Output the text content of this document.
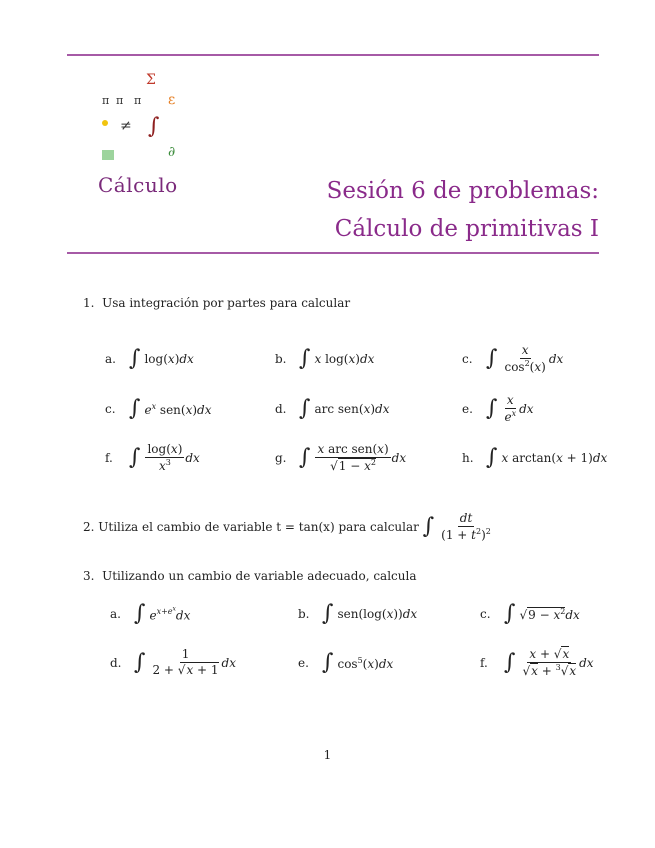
Σ
ε
π π π
≠ ∫
∂
Cálculo	Sesión 6 de problemas:
Cálculo de primitivas I
1. Usa integración por partes para calcular
a. ∫ log(x)dx	b. ∫ x log(x)dx	c. ∫ $\frac{x}{\cos^2(x)}$ dx
c. ∫ $e^x$ sen(x)dx	d. ∫ arc sen(x)dx	e. ∫ $\frac{x}{e^x}$ dx
f. ∫ $\frac{\log(x)}{x^3}$ dx	g. ∫ $\frac{\text{x arc sen(x)}}{√1 - x^2}$ dx	h. ∫ x arctan(x + 1)dx
2.
Utiliza el cambio de variable t = tan(x) para calcular
∫ $\frac{dt}{(1 + t^2)^2}$
3. Utilizando un cambio de variable adecuado, calcula
a. ∫ $e^{x+e^x}dx$	b. ∫ sen(log(x))dx	c. ∫ $√9 - x^2dx$
d. ∫ $\frac{1}{2 + √x + 1}$ dx	e. ∫ $\cos^5(x)dx$	f. ∫ $\frac{x + √x}{√x + ^3√x}$ dx
1
